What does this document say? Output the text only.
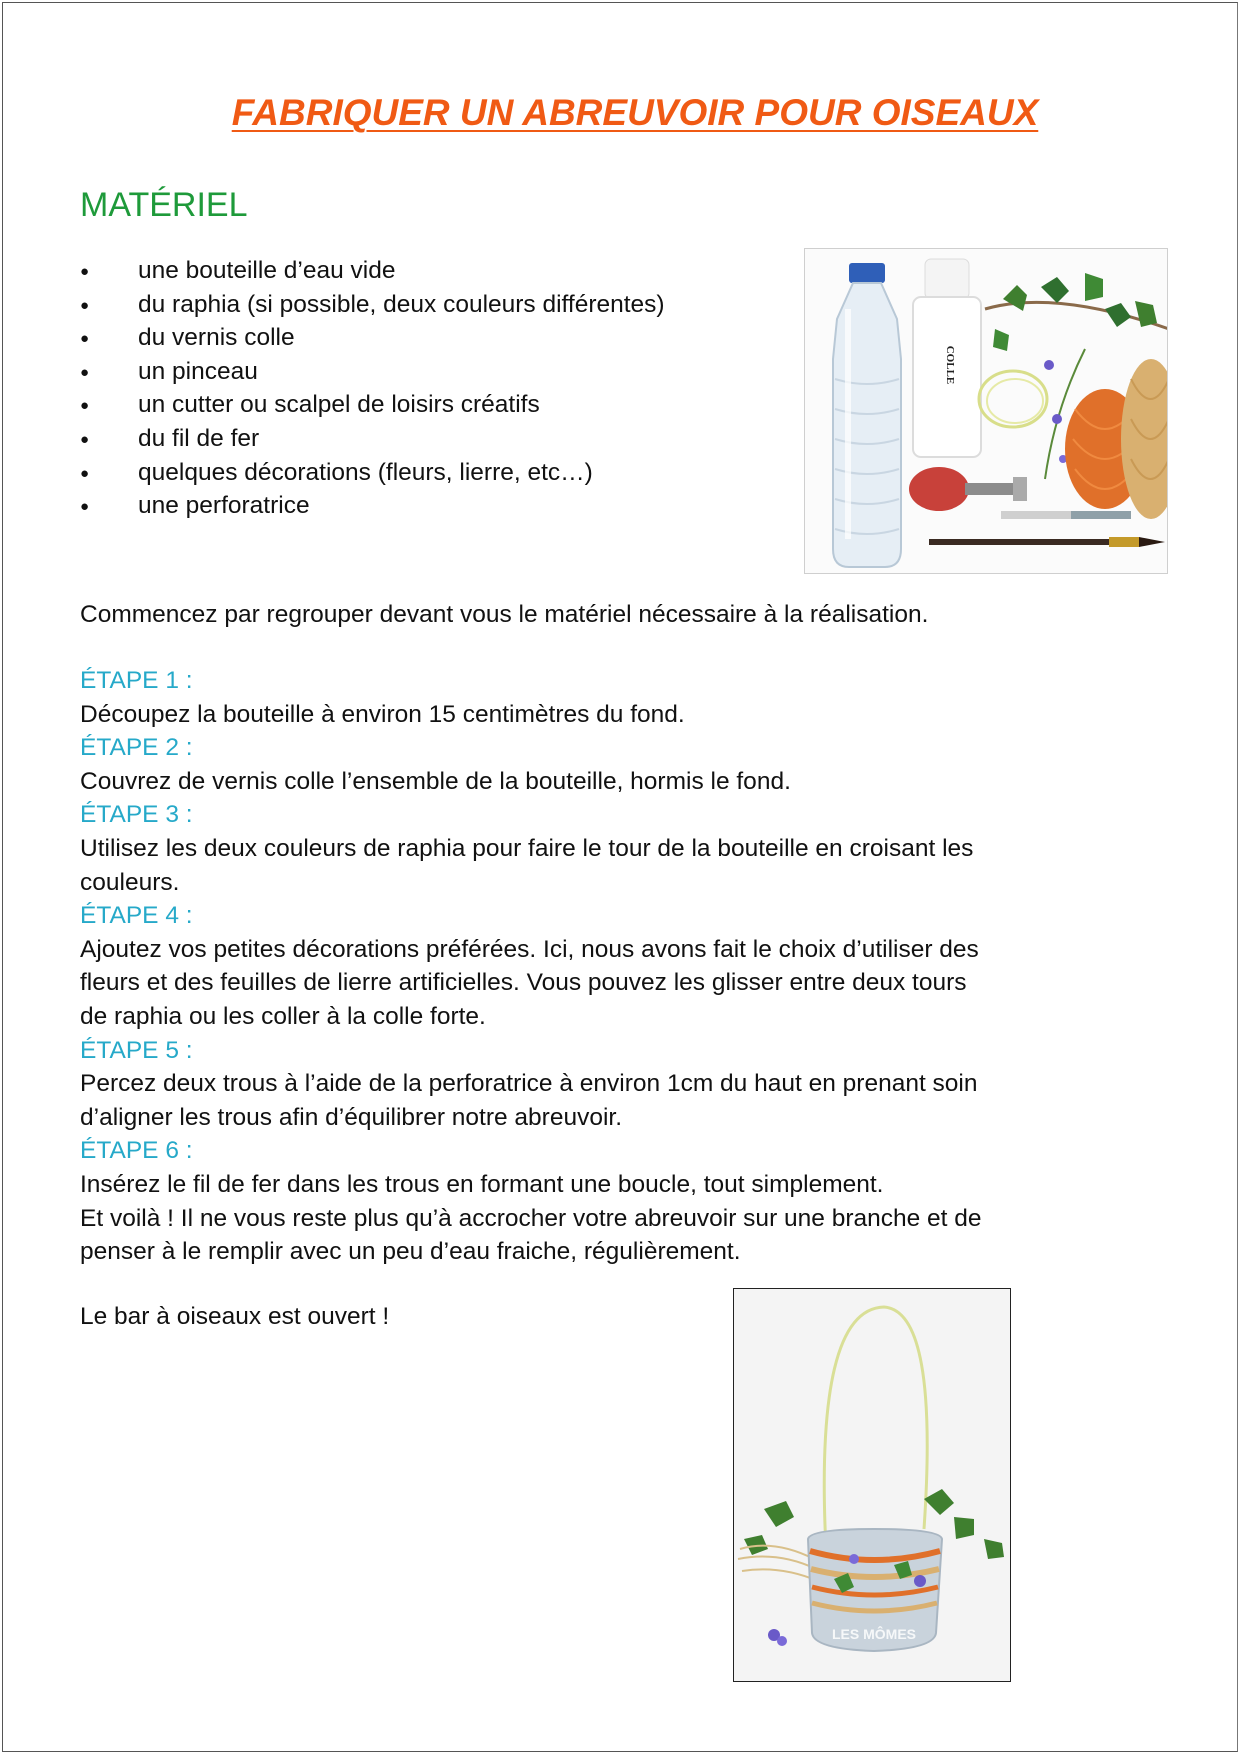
FABRIQUER UN ABREUVOIR POUR OISEAUX
MATÉRIEL
● une bouteille d’eau vide
● du raphia (si possible, deux couleurs différentes)
● du vernis colle
● un pinceau
● un cutter ou scalpel de loisirs créatifs
● du fil de fer
● quelques décorations (fleurs, lierre, etc…)
● une perforatrice
COLLE

Commencez par regrouper devant vous le matériel nécessaire à la réalisation.

ÉTAPE 1 :
Découpez la bouteille à environ 15 centimètres du fond.
ÉTAPE 2 :
Couvrez de vernis colle l’ensemble de la bouteille, hormis le fond.
ÉTAPE 3 :
Utilisez les deux couleurs de raphia pour faire le tour de la bouteille en croisant les
couleurs.
ÉTAPE 4 :
Ajoutez vos petites décorations préférées. Ici, nous avons fait le choix d’utiliser des
fleurs et des feuilles de lierre artificielles. Vous pouvez les glisser entre deux tours
de raphia ou les coller à la colle forte.
ÉTAPE 5 :
Percez deux trous à l’aide de la perforatrice à environ 1cm du haut en prenant soin
d’aligner les trous afin d’équilibrer notre abreuvoir.
ÉTAPE 6 :
Insérez le fil de fer dans les trous en formant une boucle, tout simplement.
Et voilà ! Il ne vous reste plus qu’à accrocher votre abreuvoir sur une branche et de
penser à le remplir avec un peu d’eau fraiche, régulièrement.

Le bar à oiseaux est ouvert !

LES MÔMES
